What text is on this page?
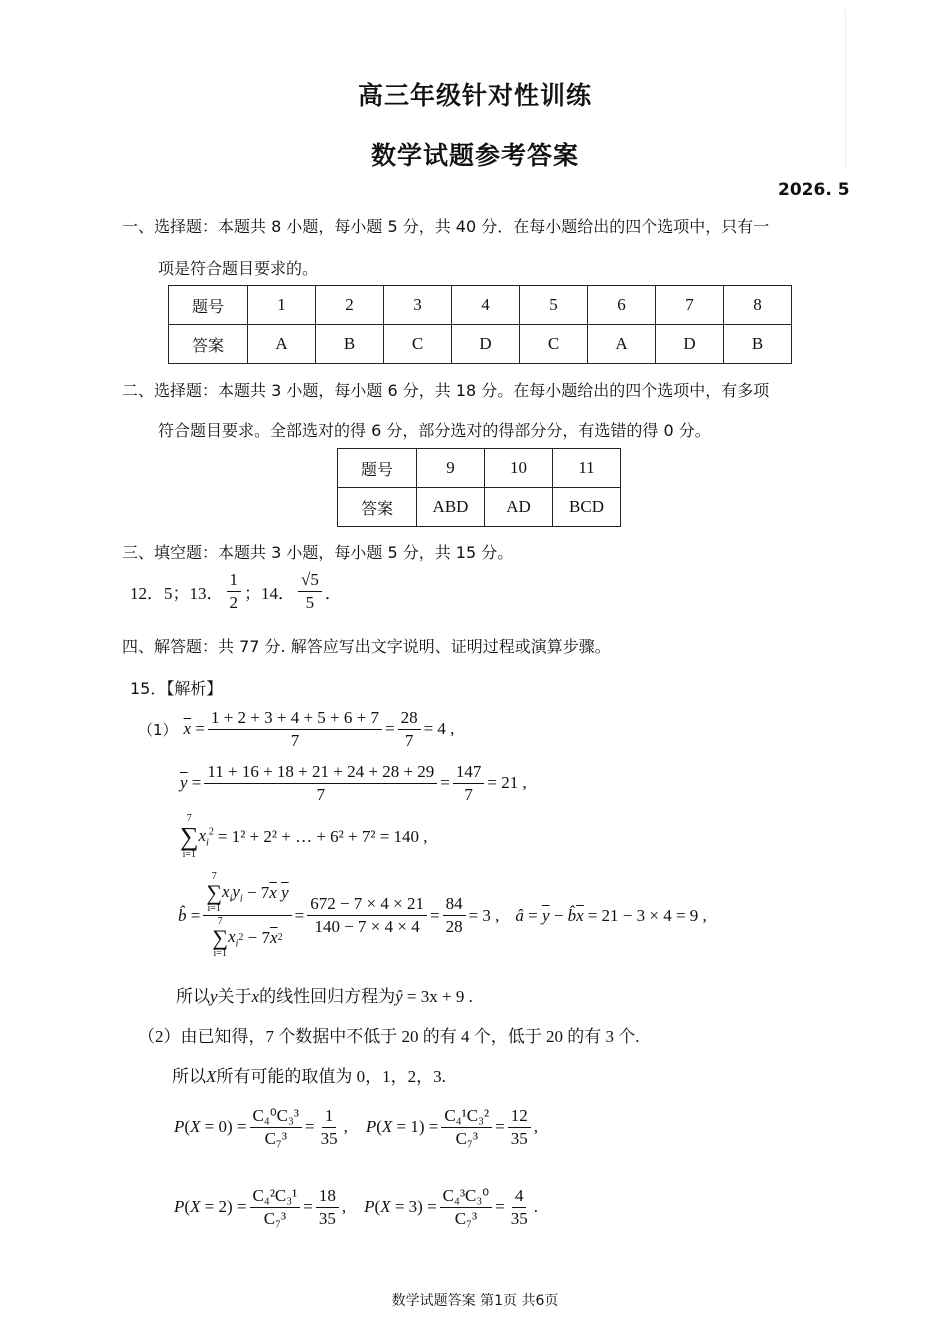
高三年级针对性训练
数学试题参考答案
2026. 5
一、选择题：本题共 8 小题，每小题 5 分，共 40 分．在每小题给出的四个选项中，只有一
项是符合题目要求的。
题号	1	2	3	4	5	6	7	8
答案	A	B	C	D	C	A	D	B
二、选择题：本题共 3 小题，每小题 6 分，共 18 分。在每小题给出的四个选项中，有多项
符合题目要求。全部选对的得 6 分，部分选对的得部分分，有选错的得 0 分。
题号	9	10	11
答案	ABD	AD	BCD
三、填空题：本题共 3 小题，每小题 5 分，共 15 分。
12．5；13． $\frac{1}{2}$ ；14． $\frac{√5}{5}$ ．
四、解答题：共 77 分. 解答应写出文字说明、证明过程或演算步骤。
15．【解析】
（1） $\overline{x} = \frac{1 + 2 + 3 + 4 + 5 + 6 + 7}{7} = \frac{28}{7} = 4$ ,
$\overline{y} = \frac{11 + 16 + 18 + 21 + 24 + 28 + 29}{7} = \frac{147}{7} = 21$ ,
7
∑
i=1
$x_i^2 = 1^2 + 2^2$ + … + 6² + 7² = 140 ,
b̂ = 7
∑
i=1
$x_iy_i - 7$ $\overline{x}$
$\overline{y}$
7
∑
i=1
$x_i$
2 − 7 $\overline{x}$ $2 = \frac{672 - 7 \times 4 \times 21}{140 - 7 \times 4 \times 4} = \frac{84}{28} = 3$ , â = $\overline{y}$ − $b̂\overline{x} = 21 - 3 \times 4 = 9$ ,
所以y关于x的线性回归方程为ŷ = 3x + 9 .
（2）由已知得，7 个数据中不低于 20 的有 4 个，低于 20 的有 3 个.
所以X所有可能的取值为 0，1，2，3.
$P(X = 0) = \frac{\text{C₄⁰C₃³}}{\text{C₇³}} = \frac{1}{35}$ , $P(X = 1) = \frac{\text{C₄¹C₃²}}{\text{C₇³}} = \frac{12}{35}$ ,
$P(X = 2) = \frac{\text{C₄²C₃¹}}{\text{C₇³}} = \frac{18}{35}$ , $P(X = 3) = \frac{\text{C₄³C₃⁰}}{\text{C₇³}} = \frac{4}{35}$ .
数学试题答案 第1页 共6页
